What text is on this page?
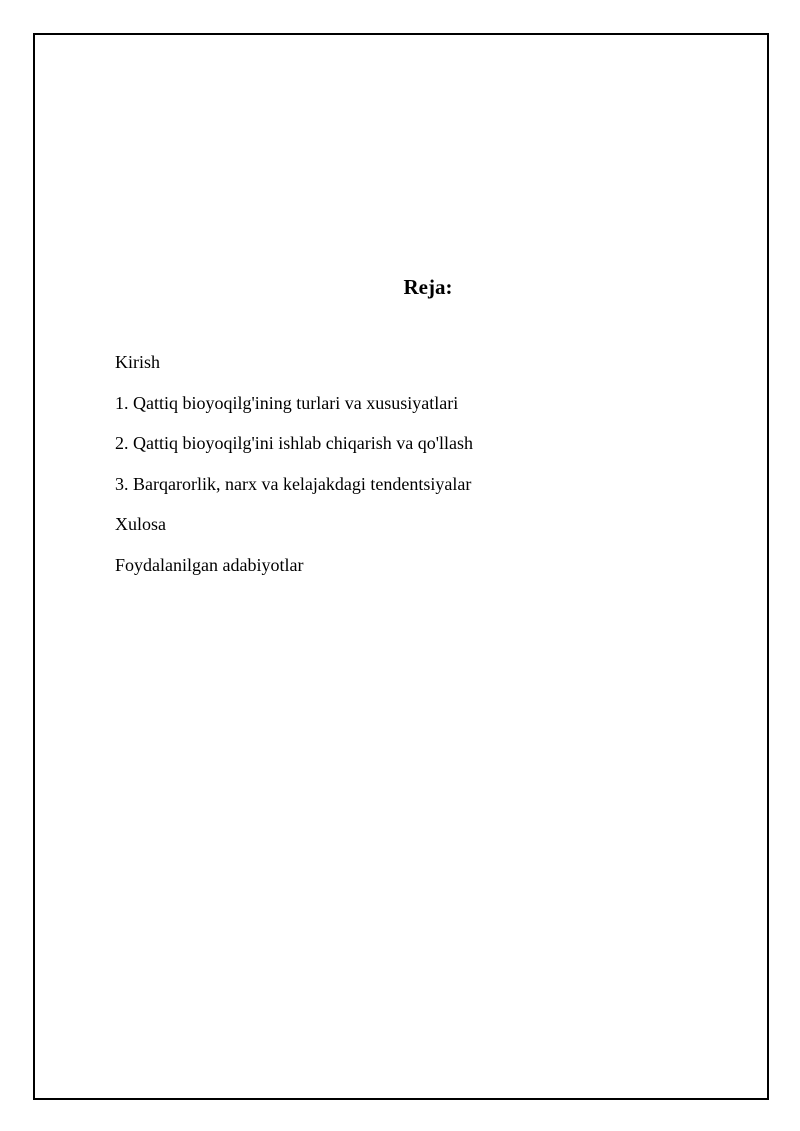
Reja:
Kirish
1. Qattiq bioyoqilg'ining turlari va xususiyatlari
2. Qattiq bioyoqilg'ini ishlab chiqarish va qo'llash
3. Barqarorlik, narx va kelajakdagi tendentsiyalar
Xulosa
Foydalanilgan adabiyotlar
